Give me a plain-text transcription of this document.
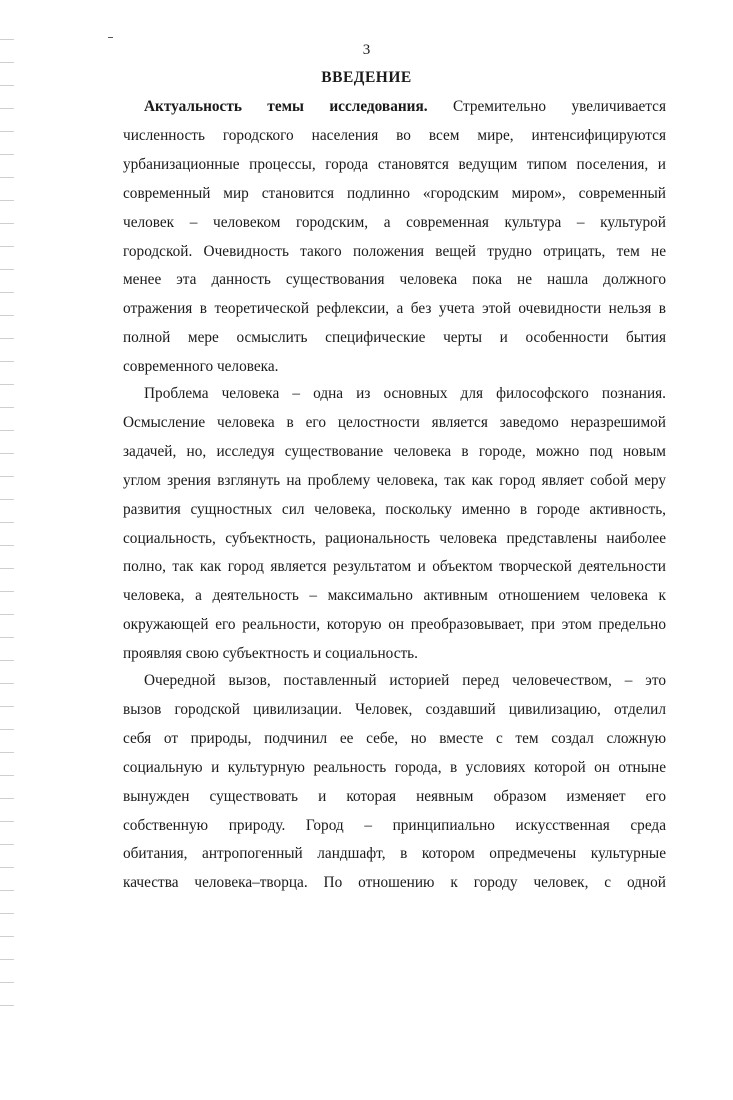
3
ВВЕДЕНИЕ
Актуальность темы исследования. Стремительно увеличивается
численность городского населения во всем мире, интенсифицируются
урбанизационные процессы, города становятся ведущим типом поселения, и
современный мир становится подлинно «городским миром», современный
человек – человеком городским, а современная культура – культурой
городской. Очевидность такого положения вещей трудно отрицать, тем не
менее эта данность существования человека пока не нашла должного
отражения в теоретической рефлексии, а без учета этой очевидности нельзя в
полной мере осмыслить специфические черты и особенности бытия
современного человека.
Проблема человека – одна из основных для философского познания.
Осмысление человека в его целостности является заведомо неразрешимой
задачей, но, исследуя существование человека в городе, можно под новым
углом зрения взглянуть на проблему человека, так как город являет собой меру
развития сущностных сил человека, поскольку именно в городе активность,
социальность, субъектность, рациональность человека представлены наиболее
полно, так как город является результатом и объектом творческой деятельности
человека, а деятельность – максимально активным отношением человека к
окружающей его реальности, которую он преобразовывает, при этом предельно
проявляя свою субъектность и социальность.
Очередной вызов, поставленный историей перед человечеством, – это
вызов городской цивилизации. Человек, создавший цивилизацию, отделил
себя от природы, подчинил ее себе, но вместе с тем создал сложную
социальную и культурную реальность города, в условиях которой он отныне
вынужден существовать и которая неявным образом изменяет его
собственную природу. Город – принципиально искусственная среда
обитания, антропогенный ландшафт, в котором опредмечены культурные
качества человека–творца. По отношению к городу человек, с одной
